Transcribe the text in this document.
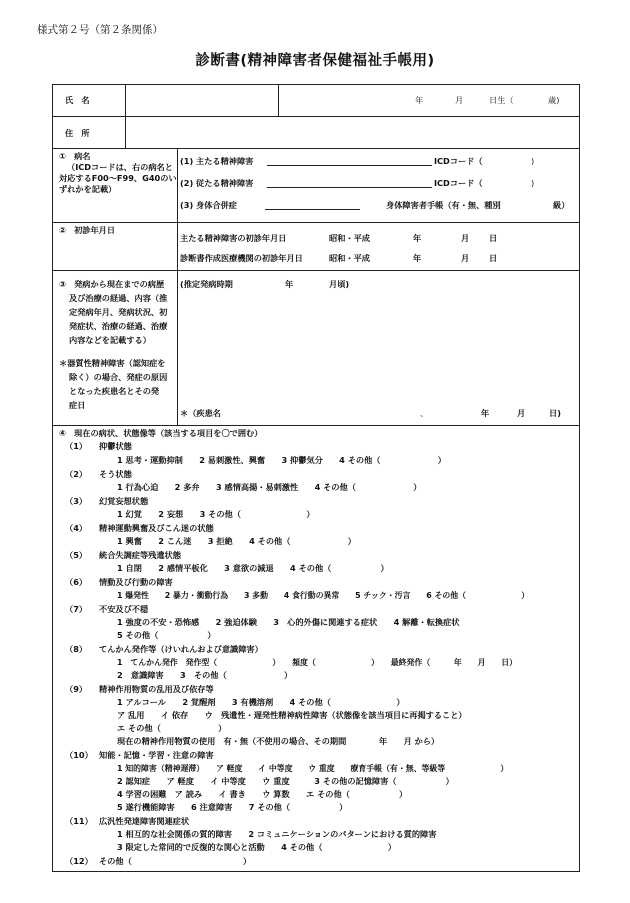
様式第２号（第２条関係）
診断書(精神障害者保健福祉手帳用)
氏　名	年	月	日生（	歳)
住　所
①　病名
（ICDコードは、右の病名と
対応するF00～F99、G40のい
ずれかを記載）
(1) 主たる精神障害	ICDコード（	)
(2) 従たる精神障害	ICDコード（	)
(3) 身体合併症	身体障害者手帳（有・無、種別	級）
②　初診年月日
主たる精神障害の初診年月日	昭和・平成	年	月 日
診断書作成医療機関の初診年月日	昭和・平成	年	月 日
③　発病から現在までの病歴
及び治療の経過、内容（推
定発病年月、発病状況、初
発症状、治療の経過、治療
内容などを記載する）
＊器質性精神障害（認知症を
除く）の場合、発症の原因
となった疾患名とその発
症日
(推定発病時期	年	月頃)
＊（疾患名	、	年	月	日)
④　現在の病状、状態像等（該当する項目を〇で囲む）
（1） 抑鬱状態
1 思考・運動抑制　　2 易刺激性、興奮　　3 抑鬱気分　　4 その他（　　　　　　　）
（2） そう状態
1 行為心迫　　2 多弁　　3 感情高揚・易刺激性　　4 その他（　　　　　　　）
（3） 幻覚妄想状態
1 幻覚　　2 妄想　　3 その他（　　　　　　　　）
（4） 精神運動興奮及びこん迷の状態
1 興奮　　2 こん迷　　3 拒絶　　4 その他（　　　　　　　）
（5） 統合失調症等残遺状態
1 自閉　　2 感情平板化　　3 意欲の減退　　4 その他（　　　　　　）
（6） 情動及び行動の障害
1 爆発性　　2 暴力・衝動行為　　3 多動　　4 食行動の異常　　5 チック・汚言　　6 その他（　　　　　　　）
（7） 不安及び不穏
1 強度の不安・恐怖感　　2 強迫体験　　3　心的外傷に関連する症状　　4 解離・転換症状
5 その他（　　　　　　）
（8） てんかん発作等（けいれんおよび意識障害）
1　てんかん発作　発作型（　　　　　　　）　　頻度（　　　　　　　）　　最終発作（　　　年　　月　　日）
2　意識障害　　3　その他（　　　　　　　）
（9） 精神作用物質の乱用及び依存等
1 アルコール　　2 覚醒剤　　3 有機溶剤　　4 その他（　　　　　　　　）
ア 乱用　　イ 依存　　ウ　残遺性・遅発性精神病性障害（状態像を該当項目に再掲すること）
エ その他（　　　　　　　）
現在の精神作用物質の使用　有・無（不使用の場合、その期間　　　　年　　月 から）
（10） 知能・記憶・学習・注意の障害
1 知的障害（精神遅滞）　　ア 軽度　　イ 中等度　　ウ 重度　　療育手帳（有・無、等級等　　　　　　　）
2 認知症　　ア 軽度　　イ 中等度　　ウ 重度　　　3 その他の記憶障害（　　　　　　）
4 学習の困難　ア 読み　　イ 書き　　ウ 算数　　エ その他（　　　　　　）
5 遂行機能障害　　6 注意障害　　7 その他（　　　　　　）
（11） 広汎性発達障害関連症状
1 相互的な社会関係の質的障害　　2 コミュニケーションのパターンにおける質的障害
3 限定した常同的で反復的な関心と活動　　4 その他（　　　　　　　　）
（12） その他（	）
